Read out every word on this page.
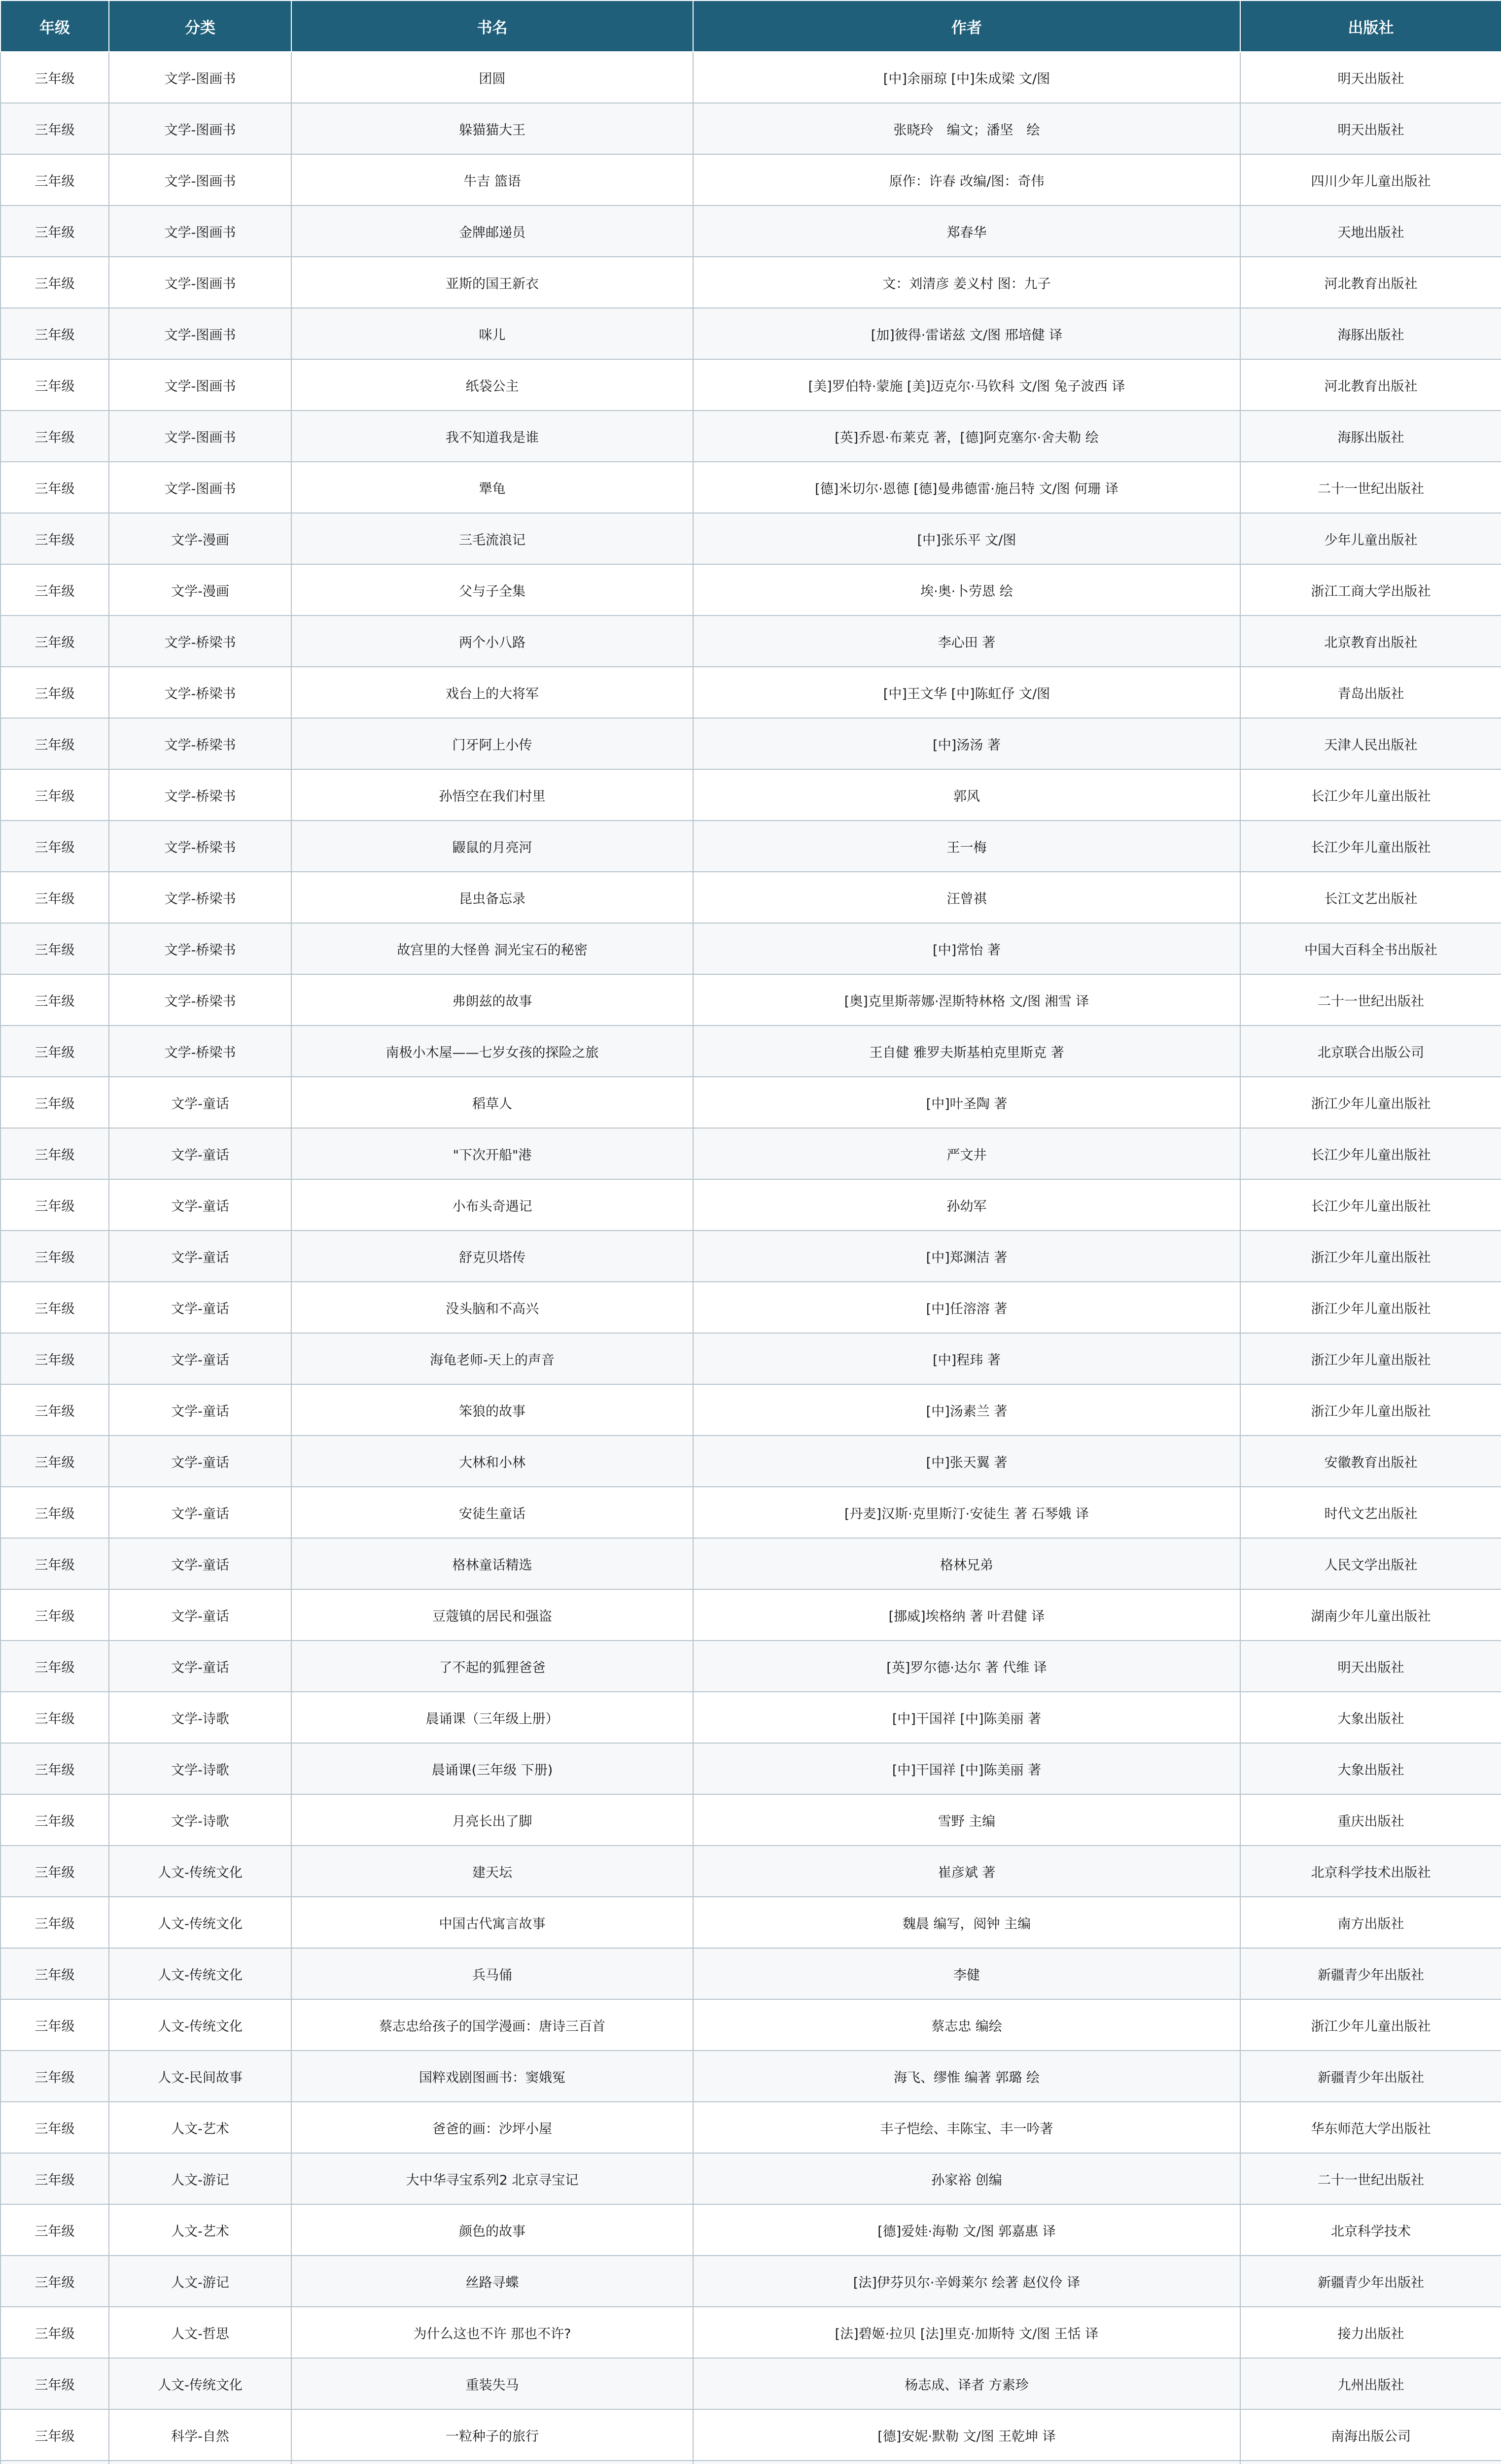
年级	分类	书名	作者	出版社
三年级	文学-图画书	团圆	[中]余丽琼 [中]朱成梁 文/图	明天出版社
三年级	文学-图画书	躲猫猫大王	张晓玲　编文；潘坚　绘	明天出版社
三年级	文学-图画书	牛吉 篮语	原作：许春 改编/图：奇伟	四川少年儿童出版社
三年级	文学-图画书	金牌邮递员	郑春华	天地出版社
三年级	文学-图画书	亚斯的国王新衣	文：刘清彦 姜义村 图：九子	河北教育出版社
三年级	文学-图画书	咪儿	[加]彼得·雷诺兹 文/图 邢培健 译	海豚出版社
三年级	文学-图画书	纸袋公主	[美]罗伯特·蒙施 [美]迈克尔·马钦科 文/图 兔子波西 译	河北教育出版社
三年级	文学-图画书	我不知道我是谁	[英]乔恩·布莱克 著，[德]阿克塞尔·舍夫勒 绘	海豚出版社
三年级	文学-图画书	犟龟	[德]米切尔·恩德 [德]曼弗德雷·施吕特 文/图 何珊 译	二十一世纪出版社
三年级	文学-漫画	三毛流浪记	[中]张乐平 文/图	少年儿童出版社
三年级	文学-漫画	父与子全集	埃·奥·卜劳恩 绘	浙江工商大学出版社
三年级	文学-桥梁书	两个小八路	李心田 著	北京教育出版社
三年级	文学-桥梁书	戏台上的大将军	[中]王文华 [中]陈虹伃 文/图	青岛出版社
三年级	文学-桥梁书	门牙阿上小传	[中]汤汤 著	天津人民出版社
三年级	文学-桥梁书	孙悟空在我们村里	郭风	长江少年儿童出版社
三年级	文学-桥梁书	鼹鼠的月亮河	王一梅	长江少年儿童出版社
三年级	文学-桥梁书	昆虫备忘录	汪曾祺	长江文艺出版社
三年级	文学-桥梁书	故宫里的大怪兽 洞光宝石的秘密	[中]常怡 著	中国大百科全书出版社
三年级	文学-桥梁书	弗朗兹的故事	[奥]克里斯蒂娜·涅斯特林格 文/图 湘雪 译	二十一世纪出版社
三年级	文学-桥梁书	南极小木屋——七岁女孩的探险之旅	王自健 雅罗夫斯基柏克里斯克 著	北京联合出版公司
三年级	文学-童话	稻草人	[中]叶圣陶 著	浙江少年儿童出版社
三年级	文学-童话	"下次开船"港	严文井	长江少年儿童出版社
三年级	文学-童话	小布头奇遇记	孙幼军	长江少年儿童出版社
三年级	文学-童话	舒克贝塔传	[中]郑渊洁 著	浙江少年儿童出版社
三年级	文学-童话	没头脑和不高兴	[中]任溶溶 著	浙江少年儿童出版社
三年级	文学-童话	海龟老师-天上的声音	[中]程玮 著	浙江少年儿童出版社
三年级	文学-童话	笨狼的故事	[中]汤素兰 著	浙江少年儿童出版社
三年级	文学-童话	大林和小林	[中]张天翼 著	安徽教育出版社
三年级	文学-童话	安徒生童话	[丹麦]汉斯·克里斯汀·安徒生 著 石琴娥 译	时代文艺出版社
三年级	文学-童话	格林童话精选	格林兄弟	人民文学出版社
三年级	文学-童话	豆蔻镇的居民和强盗	[挪威]埃格纳 著 叶君健 译	湖南少年儿童出版社
三年级	文学-童话	了不起的狐狸爸爸	[英]罗尔德·达尔 著 代维 译	明天出版社
三年级	文学-诗歌	晨诵课（三年级上册）	[中]干国祥 [中]陈美丽 著	大象出版社
三年级	文学-诗歌	晨诵课(三年级 下册)	[中]干国祥 [中]陈美丽 著	大象出版社
三年级	文学-诗歌	月亮长出了脚	雪野 主编	重庆出版社
三年级	人文-传统文化	建天坛	崔彦斌 著	北京科学技术出版社
三年级	人文-传统文化	中国古代寓言故事	魏晨 编写，阅钟 主编	南方出版社
三年级	人文-传统文化	兵马俑	李健	新疆青少年出版社
三年级	人文-传统文化	蔡志忠给孩子的国学漫画：唐诗三百首	蔡志忠 编绘	浙江少年儿童出版社
三年级	人文-民间故事	国粹戏剧图画书：窦娥冤	海飞、缪惟 编著 郭璐 绘	新疆青少年出版社
三年级	人文-艺术	爸爸的画：沙坪小屋	丰子恺绘、丰陈宝、丰一吟著	华东师范大学出版社
三年级	人文-游记	大中华寻宝系列2 北京寻宝记	孙家裕 创编	二十一世纪出版社
三年级	人文-艺术	颜色的故事	[德]爱娃·海勒 文/图 郭嘉惠 译	北京科学技术
三年级	人文-游记	丝路寻蝶	[法]伊芬贝尔·辛姆莱尔 绘著 赵仪伶 译	新疆青少年出版社
三年级	人文-哲思	为什么这也不许 那也不许?	[法]碧姬·拉贝 [法]里克·加斯特 文/图 王恬 译	接力出版社
三年级	人文-传统文化	重装失马	杨志成、译者 方素珍	九州出版社
三年级	科学-自然	一粒种子的旅行	[德]安妮·默勒 文/图 王乾坤 译	南海出版公司
